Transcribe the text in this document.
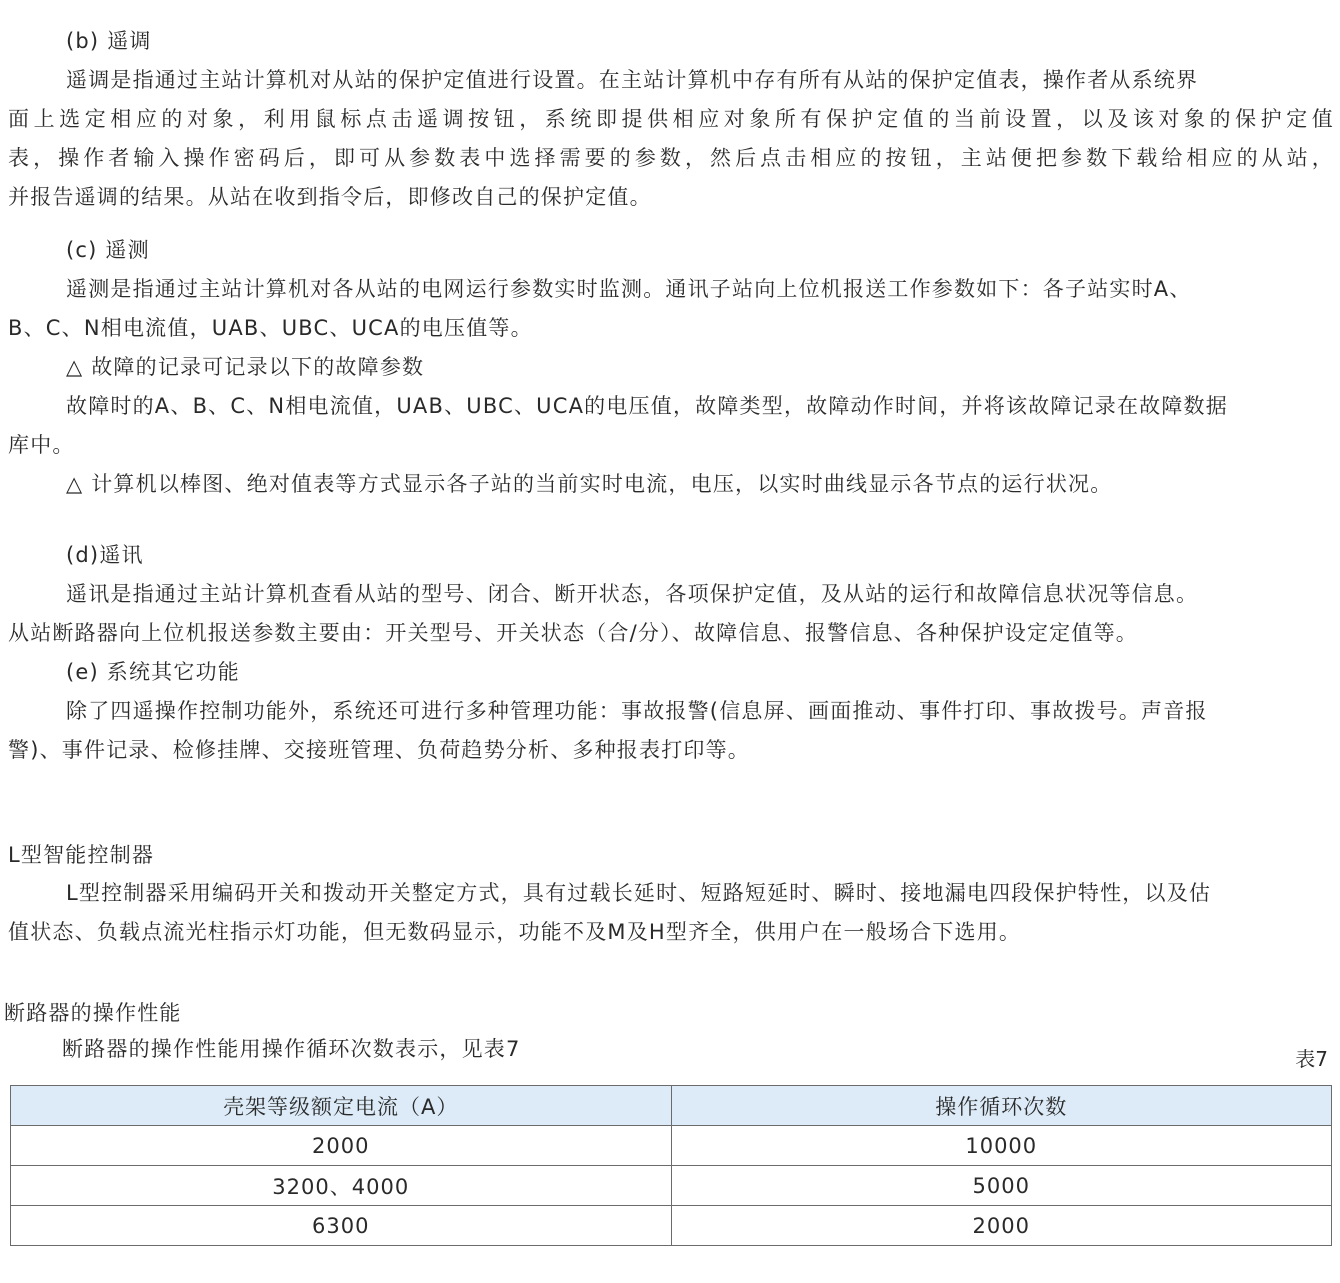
(b) 遥调
遥调是指通过主站计算机对从站的保护定值进行设置。在主站计算机中存有所有从站的保护定值表，操作者从系统界
面上选定相应的对象，利用鼠标点击遥调按钮，系统即提供相应对象所有保护定值的当前设置，以及该对象的保护定值
表，操作者输入操作密码后，即可从参数表中选择需要的参数，然后点击相应的按钮，主站便把参数下载给相应的从站，
并报告遥调的结果。从站在收到指令后，即修改自己的保护定值。
(c) 遥测
遥测是指通过主站计算机对各从站的电网运行参数实时监测。通讯子站向上位机报送工作参数如下：各子站实时A、
B、C、N相电流值，UAB、UBC、UCA的电压值等。
△ 故障的记录可记录以下的故障参数
故障时的A、B、C、N相电流值，UAB、UBC、UCA的电压值，故障类型，故障动作时间，并将该故障记录在故障数据
库中。
△ 计算机以棒图、绝对值表等方式显示各子站的当前实时电流，电压，以实时曲线显示各节点的运行状况。
(d)遥讯
遥讯是指通过主站计算机查看从站的型号、闭合、断开状态，各项保护定值，及从站的运行和故障信息状况等信息。
从站断路器向上位机报送参数主要由：开关型号、开关状态（合/分）、故障信息、报警信息、各种保护设定定值等。
(e) 系统其它功能
除了四遥操作控制功能外，系统还可进行多种管理功能：事故报警(信息屏、画面推动、事件打印、事故拨号。声音报
警)、事件记录、检修挂牌、交接班管理、负荷趋势分析、多种报表打印等。
L型智能控制器
L型控制器采用编码开关和拨动开关整定方式，具有过载长延时、短路短延时、瞬时、接地漏电四段保护特性，以及估
值状态、负载点流光柱指示灯功能，但无数码显示，功能不及M及H型齐全，供用户在一般场合下选用。
断路器的操作性能
断路器的操作性能用操作循环次数表示，见表7	表7
壳架等级额定电流（A）	操作循环次数
2000	10000
3200、4000	5000
6300	2000
